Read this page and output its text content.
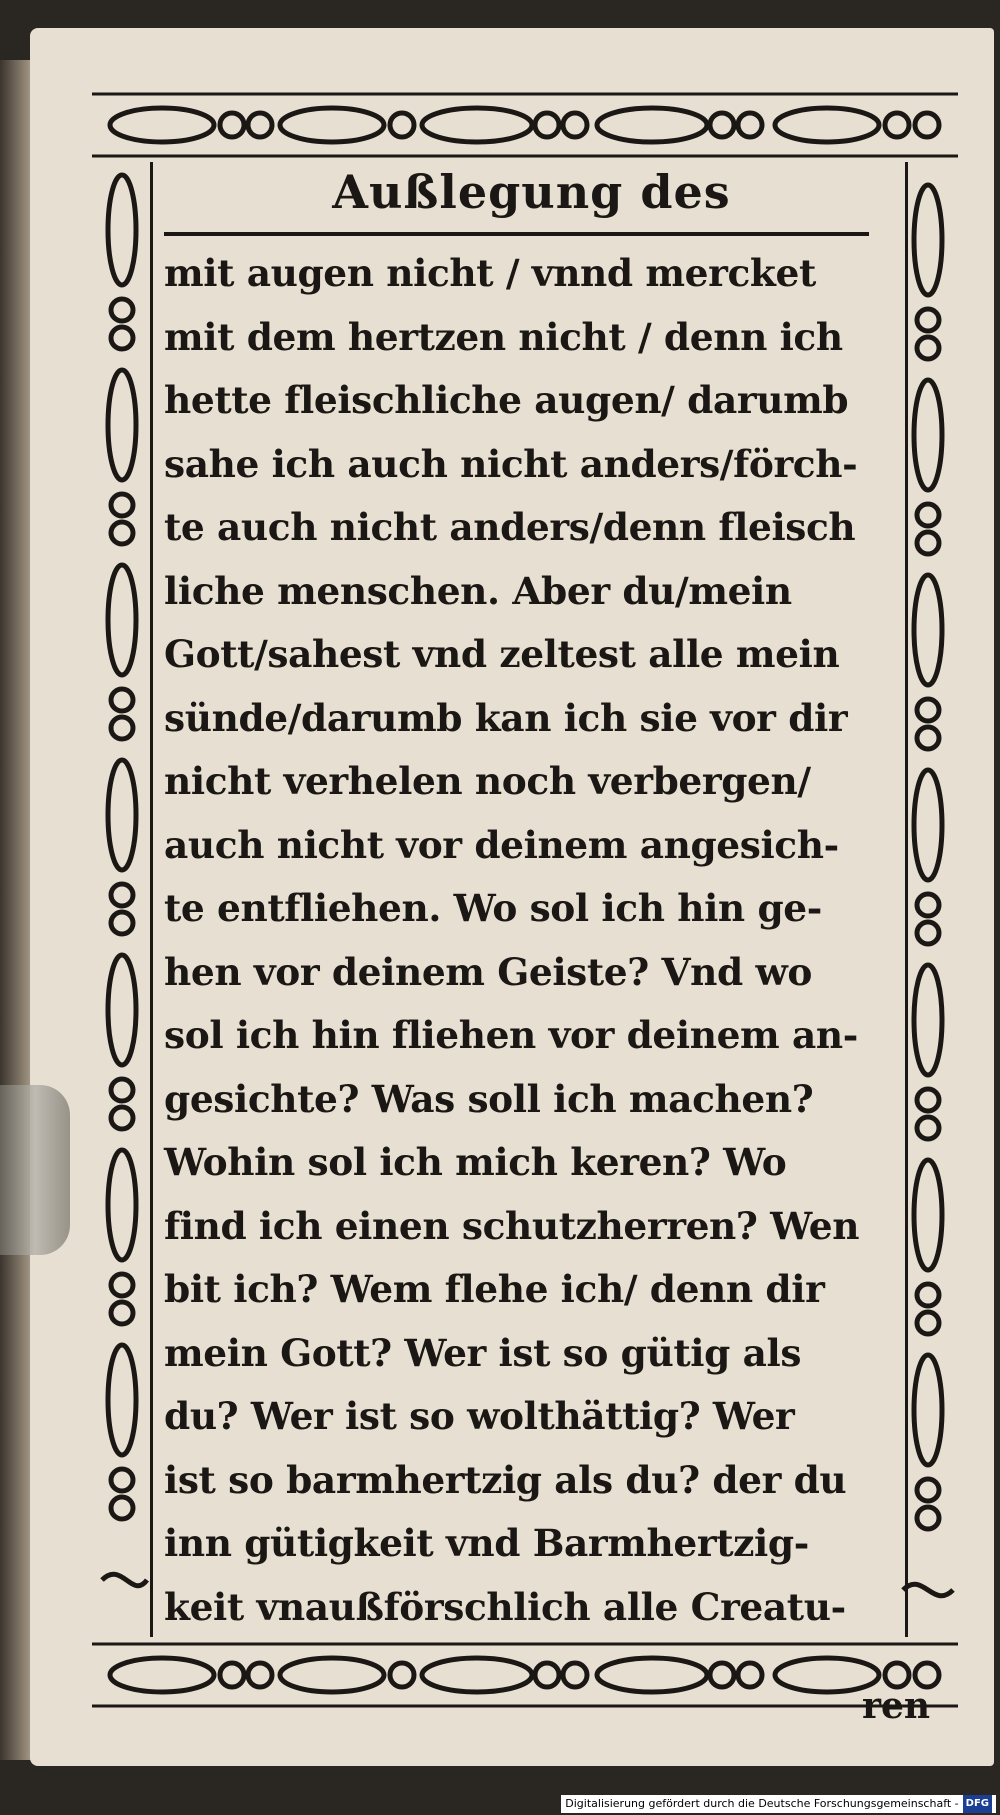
Außlegung des
mit augen nicht / vnnd mercket
mit dem hertzen nicht / denn ich
hette fleischliche augen/ darumb
sahe ich auch nicht anders/förch-
te auch nicht anders/denn fleisch
liche menschen. Aber du/mein
Gott/sahest vnd zeltest alle mein
sünde/darumb kan ich sie vor dir
nicht verhelen noch verbergen/
auch nicht vor deinem angesich-
te entfliehen. Wo sol ich hin ge-
hen vor deinem Geiste? Vnd wo
sol ich hin fliehen vor deinem an-
gesichte? Was soll ich machen?
Wohin sol ich mich keren? Wo
find ich einen schutzherren? Wen
bit ich? Wem flehe ich/ denn dir
mein Gott? Wer ist so gütig als
du? Wer ist so wolthättig? Wer
ist so barmhertzig als du? der du
inn gütigkeit vnd Barmhertzig-
keit vnaußförschlich alle Creatu-
ren
Digitalisierung gefördert durch die Deutsche Forschungsgemeinschaft - DFG
